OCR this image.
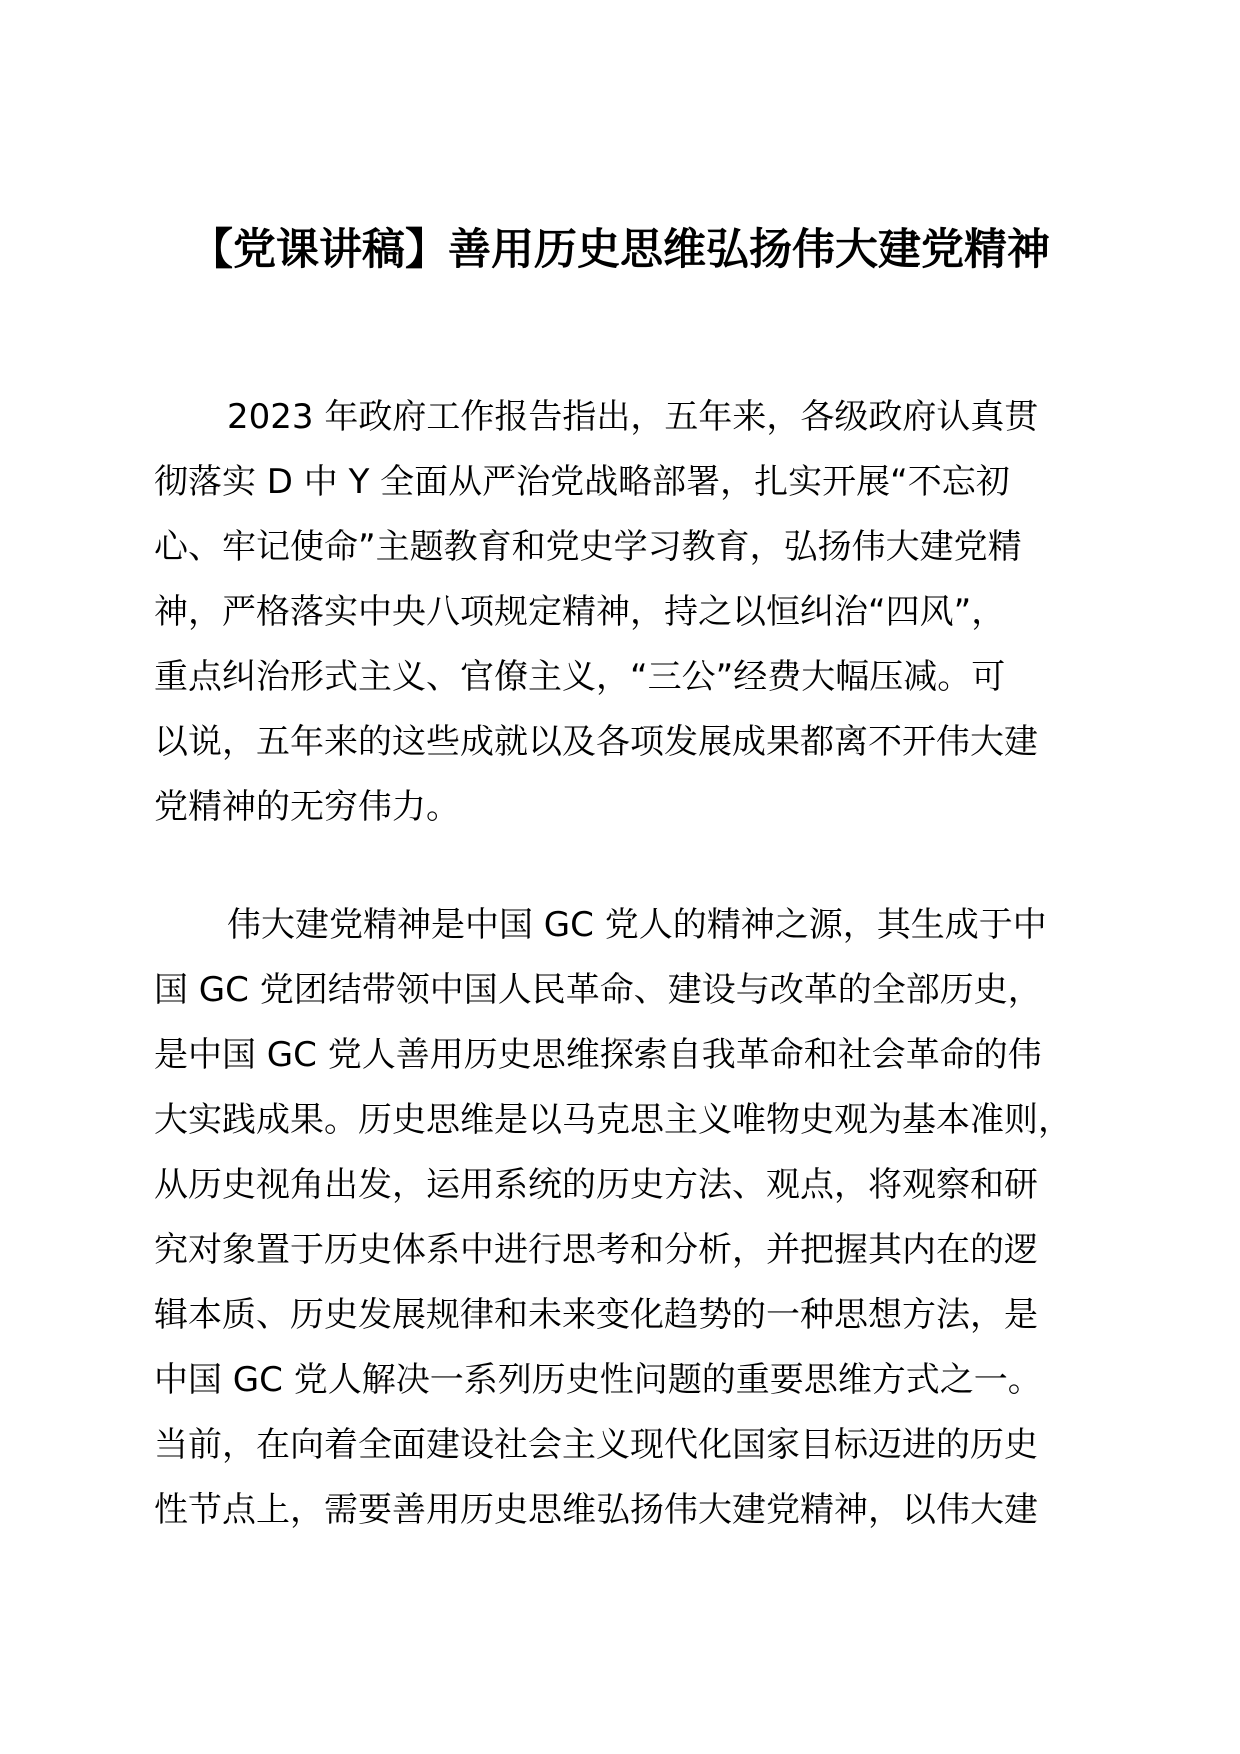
【党课讲稿】善用历史思维弘扬伟大建党精神
2023 年政府工作报告指出，五年来，各级政府认真贯
彻落实 D 中 Y 全面从严治党战略部署，扎实开展“不忘初
心、牢记使命”主题教育和党史学习教育，弘扬伟大建党精
神，严格落实中央八项规定精神，持之以恒纠治“四风”，
重点纠治形式主义、官僚主义，“三公”经费大幅压减。可
以说，五年来的这些成就以及各项发展成果都离不开伟大建
党精神的无穷伟力。
伟大建党精神是中国 GC 党人的精神之源，其生成于中
国 GC 党团结带领中国人民革命、建设与改革的全部历史，
是中国 GC 党人善用历史思维探索自我革命和社会革命的伟
大实践成果。历史思维是以马克思主义唯物史观为基本准则，
从历史视角出发，运用系统的历史方法、观点，将观察和研
究对象置于历史体系中进行思考和分析，并把握其内在的逻
辑本质、历史发展规律和未来变化趋势的一种思想方法，是
中国 GC 党人解决一系列历史性问题的重要思维方式之一。
当前，在向着全面建设社会主义现代化国家目标迈进的历史
性节点上，需要善用历史思维弘扬伟大建党精神，以伟大建
